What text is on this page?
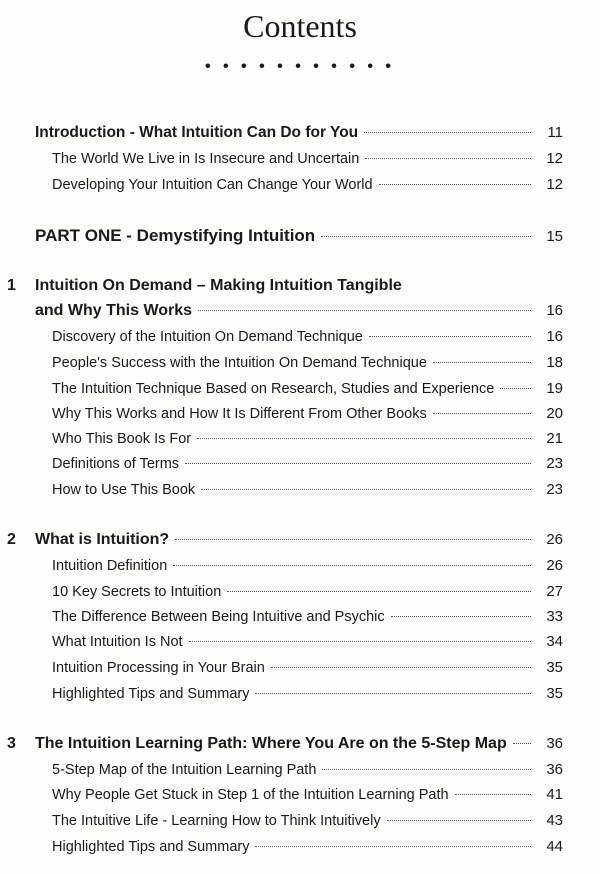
Contents
• • • • • • • • • • •
Introduction - What Intuition Can Do for You	11
The World We Live in Is Insecure and Uncertain	12
Developing Your Intuition Can Change Your World	12
PART ONE - Demystifying Intuition	15
1 Intuition On Demand – Making Intuition Tangible
and Why This Works	16
Discovery of the Intuition On Demand Technique	16
People's Success with the Intuition On Demand Technique	18
The Intuition Technique Based on Research, Studies and Experience	19
Why This Works and How It Is Different From Other Books	20
Who This Book Is For	21
Definitions of Terms	23
How to Use This Book	23
2 What is Intuition?	26
Intuition Definition	26
10 Key Secrets to Intuition	27
The Difference Between Being Intuitive and Psychic	33
What Intuition Is Not	34
Intuition Processing in Your Brain	35
Highlighted Tips and Summary	35
3 The Intuition Learning Path: Where You Are on the 5-Step Map	36
5-Step Map of the Intuition Learning Path	36
Why People Get Stuck in Step 1 of the Intuition Learning Path	41
The Intuitive Life - Learning How to Think Intuitively	43
Highlighted Tips and Summary	44
